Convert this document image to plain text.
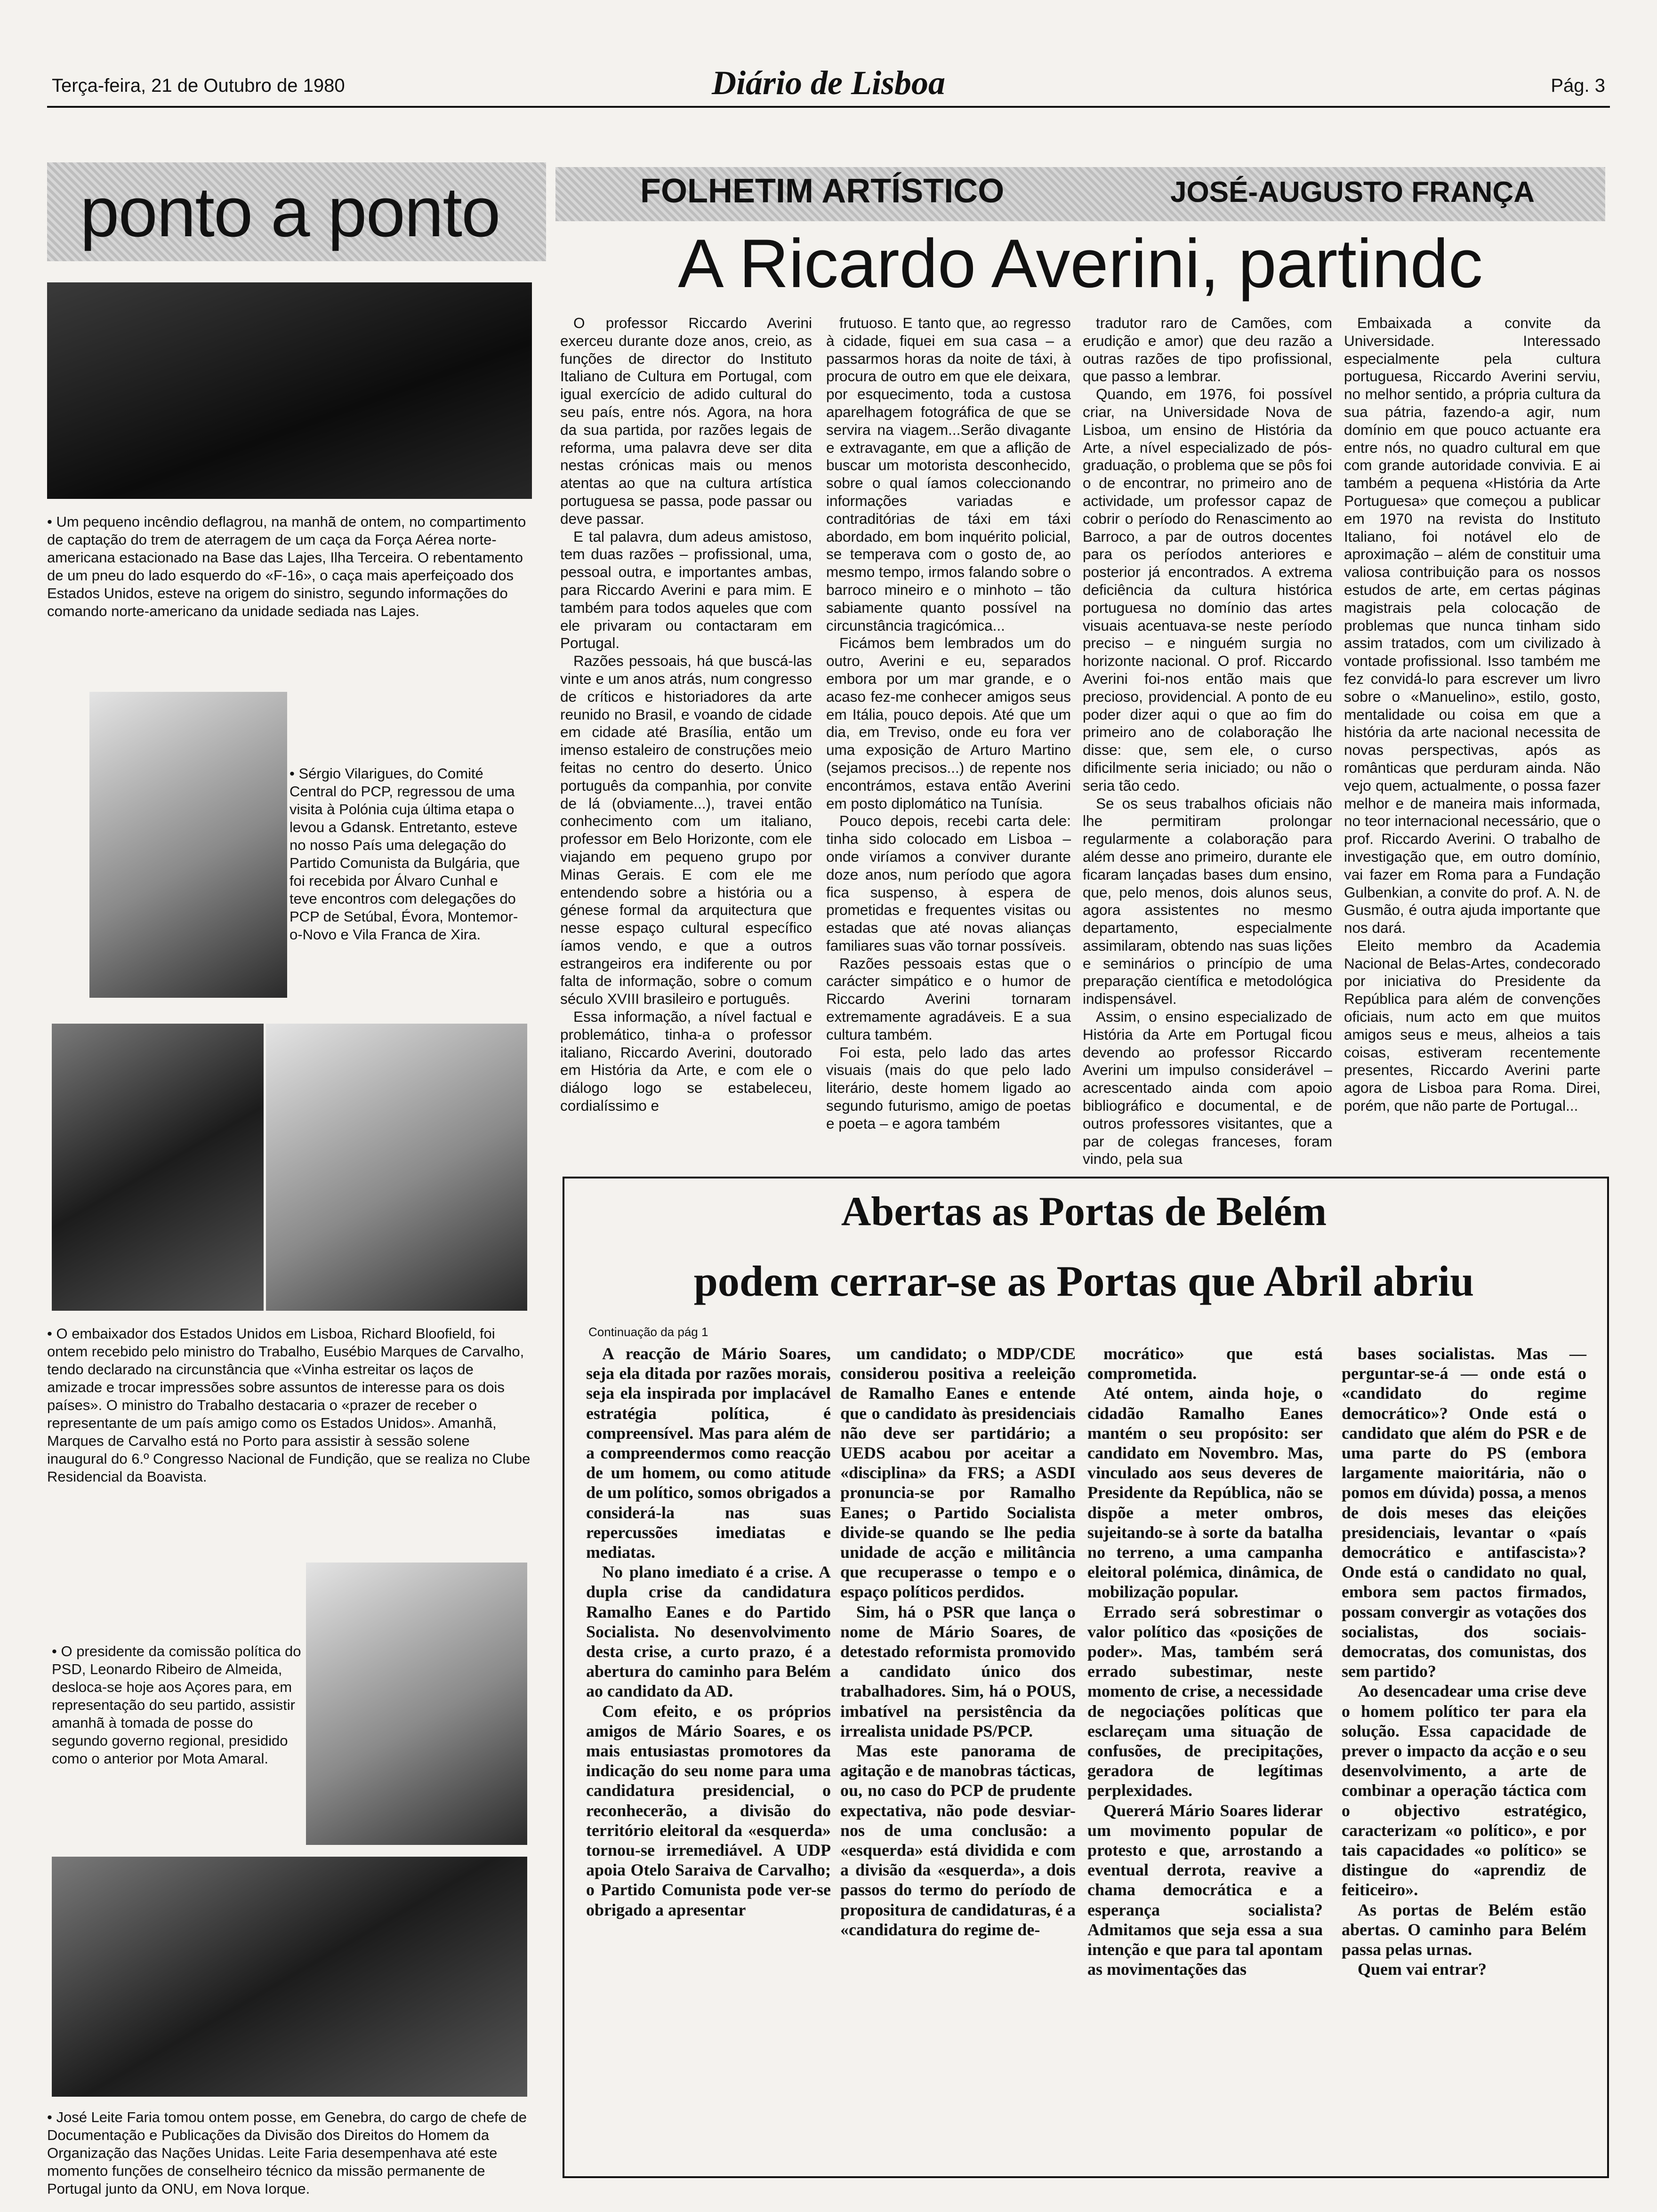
Terça-feira, 21 de Outubro de 1980	Diário de Lisboa	Pág. 3
ponto a ponto
• Um pequeno incêndio deflagrou, na manhã de ontem, no compartimento de captação do trem de aterragem de um caça da Força Aérea norte-americana estacionado na Base das Lajes, Ilha Terceira. O rebentamento de um pneu do lado esquerdo do «F-16», o caça mais aperfeiçoado dos Estados Unidos, esteve na origem do sinistro, segundo informações do comando norte-americano da unidade sediada nas Lajes.
• Sérgio Vilarigues, do Comité Central do PCP, regressou de uma visita à Polónia cuja última etapa o levou a Gdansk. Entretanto, esteve no nosso País uma delegação do Partido Comunista da Bulgária, que foi recebida por Álvaro Cunhal e teve encontros com delegações do PCP de Setúbal, Évora, Montemor-o-Novo e Vila Franca de Xira.
• O embaixador dos Estados Unidos em Lisboa, Richard Bloofield, foi ontem recebido pelo ministro do Trabalho, Eusébio Marques de Carvalho, tendo declarado na circunstância que «Vinha estreitar os laços de amizade e trocar impressões sobre assuntos de interesse para os dois países». O ministro do Trabalho destacaria o «prazer de receber o representante de um país amigo como os Estados Unidos». Amanhã, Marques de Carvalho está no Porto para assistir à sessão solene inaugural do 6.º Congresso Nacional de Fundição, que se realiza no Clube Residencial da Boavista.
• O presidente da comissão política do PSD, Leonardo Ribeiro de Almeida, desloca-se hoje aos Açores para, em representação do seu partido, assistir amanhã à tomada de posse do segundo governo regional, presidido como o anterior por Mota Amaral.
• José Leite Faria tomou ontem posse, em Genebra, do cargo de chefe de Documentação e Publicações da Divisão dos Direitos do Homem da Organização das Nações Unidas. Leite Faria desempenhava até este momento funções de conselheiro técnico da missão permanente de Portugal junto da ONU, em Nova Iorque.
FOLHETIM ARTÍSTICO	JOSÉ-AUGUSTO FRANÇA
A Ricardo Averini, partindc

O professor Riccardo Averini exerceu durante doze anos, creio, as funções de director do Instituto Italiano de Cultura em Portugal, com igual exercício de adido cultural do seu país, entre nós. Agora, na hora da sua partida, por razões legais de reforma, uma palavra deve ser dita nestas crónicas mais ou menos atentas ao que na cultura artística portuguesa se passa, pode passar ou deve passar.

E tal palavra, dum adeus amistoso, tem duas razões – profissional, uma, pessoal outra, e importantes ambas, para Riccardo Averini e para mim. E também para todos aqueles que com ele privaram ou contactaram em Portugal.

Razões pessoais, há que buscá-las vinte e um anos atrás, num congresso de críticos e historiadores da arte reunido no Brasil, e voando de cidade em cidade até Brasília, então um imenso estaleiro de construções meio feitas no centro do deserto. Único português da companhia, por convite de lá (obviamente...), travei então conhecimento com um italiano, professor em Belo Horizonte, com ele viajando em pequeno grupo por Minas Gerais. E com ele me entendendo sobre a história ou a génese formal da arquitectura que nesse espaço cultural específico íamos vendo, e que a outros estrangeiros era indiferente ou por falta de informação, sobre o comum século XVIII brasileiro e português.

Essa informação, a nível factual e problemático, tinha-a o professor italiano, Riccardo Averini, doutorado em História da Arte, e com ele o diálogo logo se estabeleceu, cordialíssimo e

frutuoso. E tanto que, ao regresso à cidade, fiquei em sua casa – a passarmos horas da noite de táxi, à procura de outro em que ele deixara, por esquecimento, toda a custosa aparelhagem fotográfica de que se servira na viagem...Serão divagante e extravagante, em que a aflição de buscar um motorista desconhecido, sobre o qual íamos coleccionando informações variadas e contraditórias de táxi em táxi abordado, em bom inquérito policial, se temperava com o gosto de, ao mesmo tempo, irmos falando sobre o barroco mineiro e o minhoto – tão sabiamente quanto possível na circunstância tragicómica...

Ficámos bem lembrados um do outro, Averini e eu, separados embora por um mar grande, e o acaso fez-me conhecer amigos seus em Itália, pouco depois. Até que um dia, em Treviso, onde eu fora ver uma exposição de Arturo Martino (sejamos precisos...) de repente nos encontrámos, estava então Averini em posto diplomático na Tunísia.

Pouco depois, recebi carta dele: tinha sido colocado em Lisboa – onde viríamos a conviver durante doze anos, num período que agora fica suspenso, à espera de prometidas e frequentes visitas ou estadas que até novas alianças familiares suas vão tornar possíveis.

Razões pessoais estas que o carácter simpático e o humor de Riccardo Averini tornaram extremamente agradáveis. E a sua cultura também.

Foi esta, pelo lado das artes visuais (mais do que pelo lado literário, deste homem ligado ao segundo futurismo, amigo de poetas e poeta – e agora também

tradutor raro de Camões, com erudição e amor) que deu razão a outras razões de tipo profissional, que passo a lembrar.

Quando, em 1976, foi possível criar, na Universidade Nova de Lisboa, um ensino de História da Arte, a nível especializado de pós-graduação, o problema que se pôs foi o de encontrar, no primeiro ano de actividade, um professor capaz de cobrir o período do Renascimento ao Barroco, a par de outros docentes para os períodos anteriores e posterior já encontrados. A extrema deficiência da cultura histórica portuguesa no domínio das artes visuais acentuava-se neste período preciso – e ninguém surgia no horizonte nacional. O prof. Riccardo Averini foi-nos então mais que precioso, providencial. A ponto de eu poder dizer aqui o que ao fim do primeiro ano de colaboração lhe disse: que, sem ele, o curso dificilmente seria iniciado; ou não o seria tão cedo.

Se os seus trabalhos oficiais não lhe permitiram prolongar regularmente a colaboração para além desse ano primeiro, durante ele ficaram lançadas bases dum ensino, que, pelo menos, dois alunos seus, agora assistentes no mesmo departamento, especialmente assimilaram, obtendo nas suas lições e seminários o princípio de uma preparação científica e metodológica indispensável.

Assim, o ensino especializado de História da Arte em Portugal ficou devendo ao professor Riccardo Averini um impulso considerável – acrescentado ainda com apoio bibliográfico e documental, e de outros professores visitantes, que a par de colegas franceses, foram vindo, pela sua

Embaixada a convite da Universidade. Interessado especialmente pela cultura portuguesa, Riccardo Averini serviu, no melhor sentido, a própria cultura da sua pátria, fazendo-a agir, num domínio em que pouco actuante era entre nós, no quadro cultural em que com grande autoridade convivia. E ai também a pequena «História da Arte Portuguesa» que começou a publicar em 1970 na revista do Instituto Italiano, foi notável elo de aproximação – além de constituir uma valiosa contribuição para os nossos estudos de arte, em certas páginas magistrais pela colocação de problemas que nunca tinham sido assim tratados, com um civilizado à vontade profissional. Isso também me fez convidá-lo para escrever um livro sobre o «Manuelino», estilo, gosto, mentalidade ou coisa em que a história da arte nacional necessita de novas perspectivas, após as românticas que perduram ainda. Não vejo quem, actualmente, o possa fazer melhor e de maneira mais informada, no teor internacional necessário, que o prof. Riccardo Averini. O trabalho de investigação que, em outro domínio, vai fazer em Roma para a Fundação Gulbenkian, a convite do prof. A. N. de Gusmão, é outra ajuda importante que nos dará.

Eleito membro da Academia Nacional de Belas-Artes, condecorado por iniciativa do Presidente da República para além de convenções oficiais, num acto em que muitos amigos seus e meus, alheios a tais coisas, estiveram recentemente presentes, Riccardo Averini parte agora de Lisboa para Roma. Direi, porém, que não parte de Portugal...

Abertas as Portas de Belém
podem cerrar-se as Portas que Abril abriu
Continuação da pág 1

A reacção de Mário Soares, seja ela ditada por razões morais, seja ela inspirada por implacável estratégia política, é compreensível. Mas para além de a compreendermos como reacção de um homem, ou como atitude de um político, somos obrigados a considerá-la nas suas repercussões imediatas e mediatas.

No plano imediato é a crise. A dupla crise da candidatura Ramalho Eanes e do Partido Socialista. No desenvolvimento desta crise, a curto prazo, é a abertura do caminho para Belém ao candidato da AD.

Com efeito, e os próprios amigos de Mário Soares, e os mais entusiastas promotores da indicação do seu nome para uma candidatura presidencial, o reconhecerão, a divisão do território eleitoral da «esquerda» tornou-se irremediável. A UDP apoia Otelo Saraiva de Carvalho; o Partido Comunista pode ver-se obrigado a apresentar

um candidato; o MDP/CDE considerou positiva a reeleição de Ramalho Eanes e entende que o candidato às presidenciais não deve ser partidário; a UEDS acabou por aceitar a «disciplina» da FRS; a ASDI pronuncia-se por Ramalho Eanes; o Partido Socialista divide-se quando se lhe pedia unidade de acção e militância que recuperasse o tempo e o espaço políticos perdidos.

Sim, há o PSR que lança o nome de Mário Soares, de detestado reformista promovido a candidato único dos trabalhadores. Sim, há o POUS, imbatível na persistência da irrealista unidade PS/PCP.

Mas este panorama de agitação e de manobras tácticas, ou, no caso do PCP de prudente expectativa, não pode desviar-nos de uma conclusão: a «esquerda» está dividida e com a divisão da «esquerda», a dois passos do termo do período de propositura de candidaturas, é a «candidatura do regime de-

mocrático» que está comprometida.

Até ontem, ainda hoje, o cidadão Ramalho Eanes mantém o seu propósito: ser candidato em Novembro. Mas, vinculado aos seus deveres de Presidente da República, não se dispõe a meter ombros, sujeitando-se à sorte da batalha no terreno, a uma campanha eleitoral polémica, dinâmica, de mobilização popular.

Errado será sobrestimar o valor político das «posições de poder». Mas, também será errado subestimar, neste momento de crise, a necessidade de negociações políticas que esclareçam uma situação de confusões, de precipitações, geradora de legítimas perplexidades.

Quererá Mário Soares liderar um movimento popular de protesto e que, arrostando a eventual derrota, reavive a chama democrática e a esperança socialista? Admitamos que seja essa a sua intenção e que para tal apontam as movimentações das

bases socialistas. Mas — perguntar-se-á — onde está o «candidato do regime democrático»? Onde está o candidato que além do PSR e de uma parte do PS (embora largamente maioritária, não o pomos em dúvida) possa, a menos de dois meses das eleições presidenciais, levantar o «país democrático e antifascista»? Onde está o candidato no qual, embora sem pactos firmados, possam convergir as votações dos socialistas, dos sociais-democratas, dos comunistas, dos sem partido?

Ao desencadear uma crise deve o homem político ter para ela solução. Essa capacidade de prever o impacto da acção e o seu desenvolvimento, a arte de combinar a operação táctica com o objectivo estratégico, caracterizam «o político», e por tais capacidades «o político» se distingue do «aprendiz de feiticeiro».

As portas de Belém estão abertas. O caminho para Belém passa pelas urnas.

Quem vai entrar?
